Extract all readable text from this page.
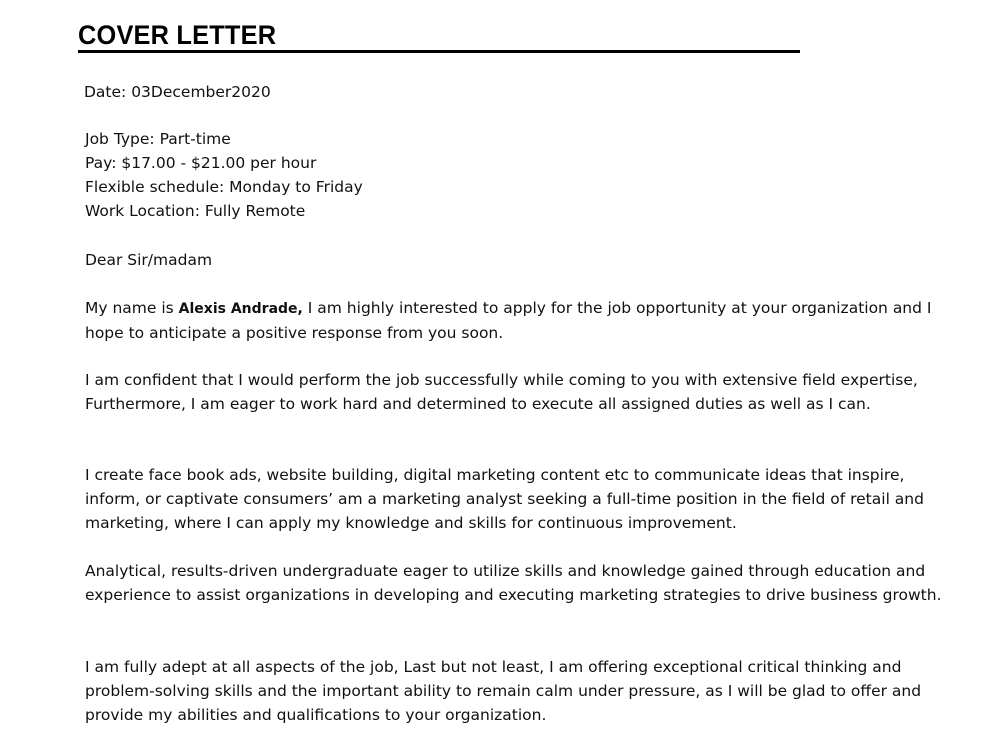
COVER LETTER
Date: 03December2020
Job Type: Part-time
Pay: $17.00 - $21.00 per hour
Flexible schedule: Monday to Friday
Work Location: Fully Remote
Dear Sir/madam
My name is Alexis Andrade, I am highly interested to apply for the job opportunity at your organization and I hope to anticipate a positive response from you soon.
I am confident that I would perform the job successfully while coming to you with extensive field expertise, Furthermore, I am eager to work hard and determined to execute all assigned duties as well as I can.
I create face book ads, website building, digital marketing content etc to communicate ideas that inspire, inform, or captivate consumers’ am a marketing analyst seeking a full-time position in the field of retail and marketing, where I can apply my knowledge and skills for continuous improvement.
Analytical, results-driven undergraduate eager to utilize skills and knowledge gained through education and experience to assist organizations in developing and executing marketing strategies to drive business growth.
I am fully adept at all aspects of the job, Last but not least, I am offering exceptional critical thinking and problem-solving skills and the important ability to remain calm under pressure, as I will be glad to offer and provide my abilities and qualifications to your organization.
